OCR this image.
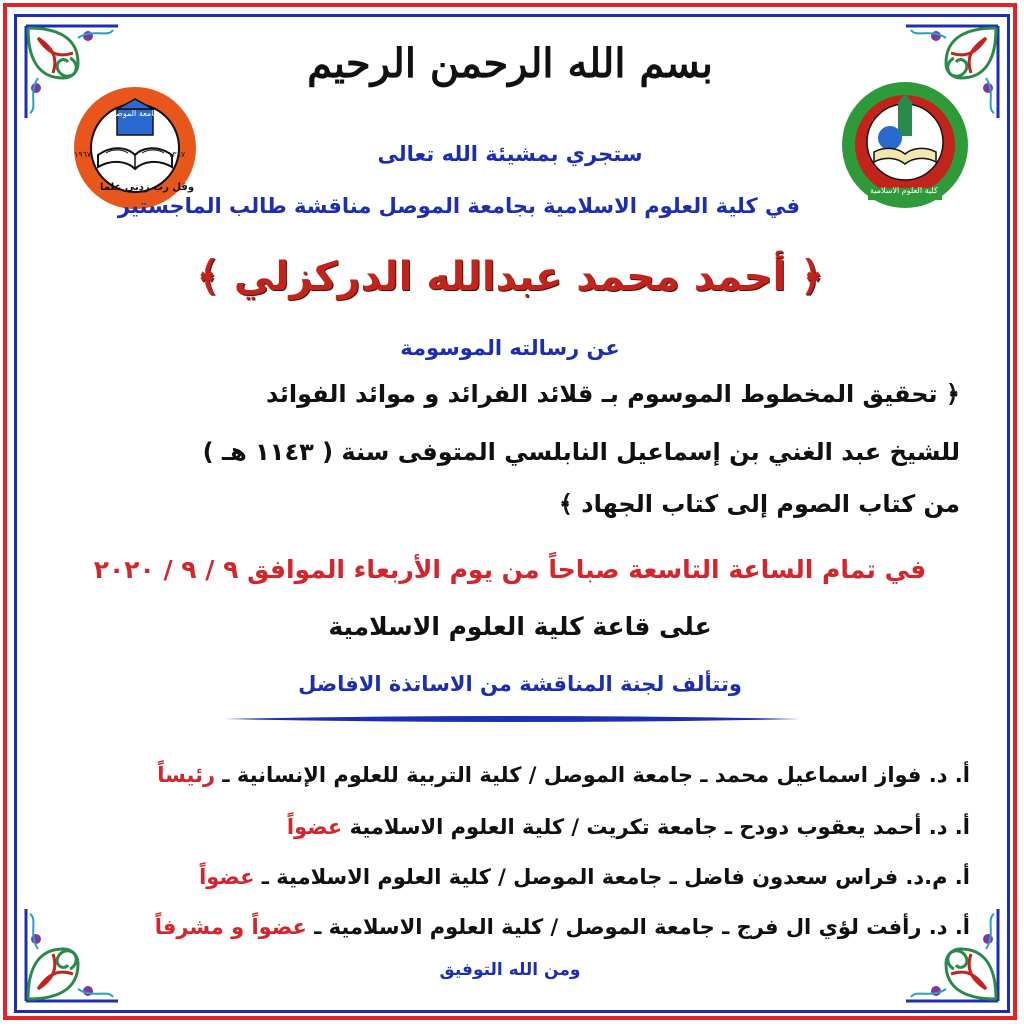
جامعة الموصل
وقل رب زدني علما
١٣٨٧
١٩٦٧
كلية العلوم الاسلامية
بسم الله الرحمن الرحيم
ستجري بمشيئة الله تعالى
في كلية العلوم الاسلامية بجامعة الموصل مناقشة طالب الماجستير
﴿ أحمد محمد عبدالله الدركزلي ﴾
عن رسالته الموسومة
﴿ تحقيق المخطوط الموسوم بـ قلائد الفرائد و موائد الفوائد
للشيخ عبد الغني بن إسماعيل النابلسي المتوفى سنة ( ١١٤٣ هـ )
من كتاب الصوم إلى كتاب الجهاد ﴾
في تمام الساعة التاسعة صباحاً من يوم الأربعاء الموافق ٩ / ٩ / ٢٠٢٠
على قاعة كلية العلوم الاسلامية
وتتألف لجنة المناقشة من الاساتذة الافاضل
أ. د. فواز اسماعيل محمد ـ جامعة الموصل / كلية التربية للعلوم الإنسانية ـ رئيساً
أ. د. أحمد يعقوب دودح ـ جامعة تكريت / كلية العلوم الاسلامية عضواً
أ. م.د. فراس سعدون فاضل ـ جامعة الموصل / كلية العلوم الاسلامية ـ عضواً
أ. د. رأفت لؤي ال فرج ـ جامعة الموصل / كلية العلوم الاسلامية ـ عضواً و مشرفاً
ومن الله التوفيق
